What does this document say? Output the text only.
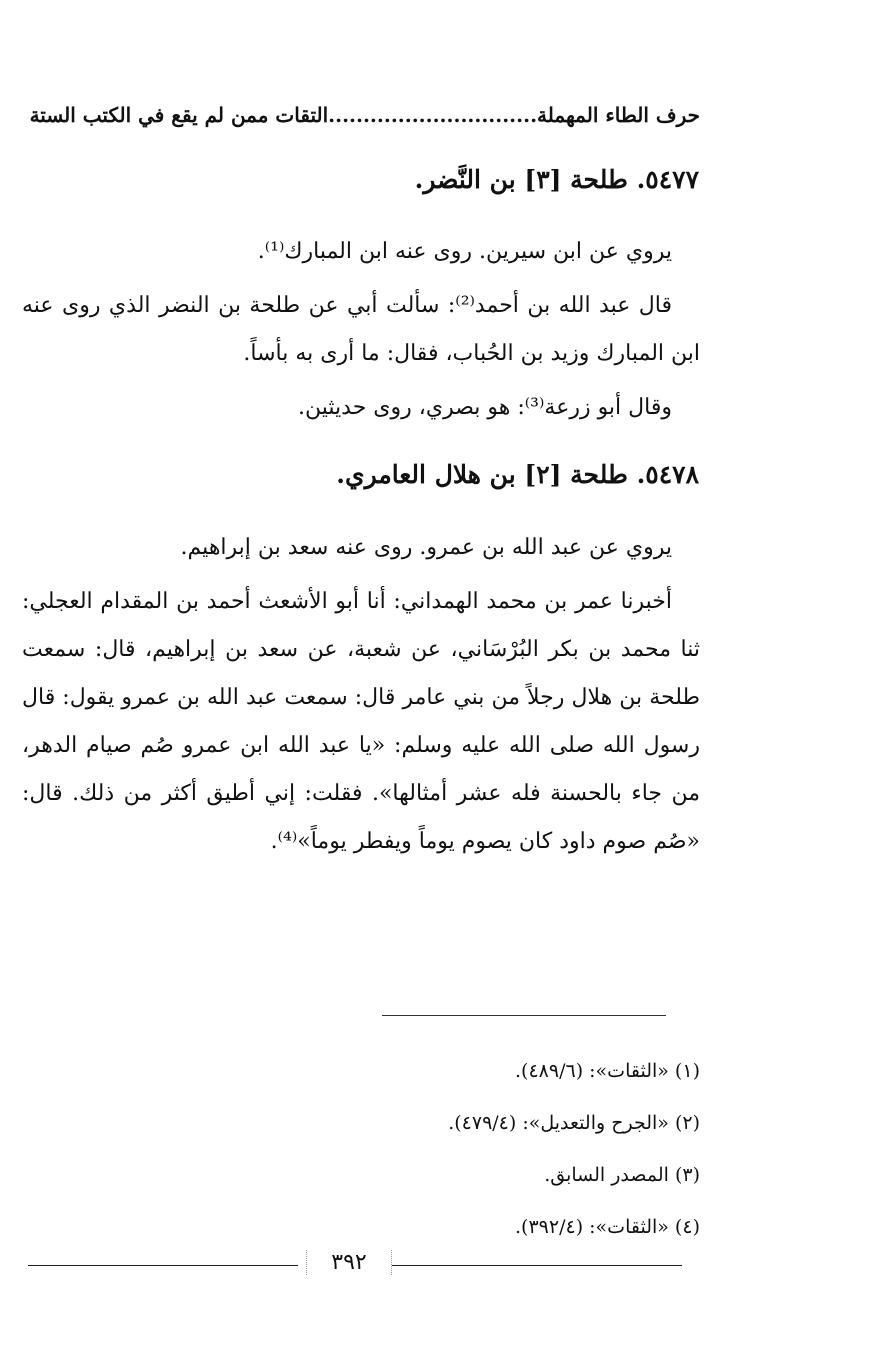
حرف الطاء المهملة...
...........................التقات ممن لم يقع في الكتب الستة
٥٤٧٧. طلحة [٣] بن النَّضر.

يروي عن ابن سيرين. روى عنه ابن المبارك⁽¹⁾.

قال عبد الله بن أحمد⁽²⁾: سألت أبي عن طلحة بن النضر الذي روى عنه ابن المبارك وزيد بن الحُباب، فقال: ما أرى به بأساً.

وقال أبو زرعة⁽³⁾: هو بصري، روى حديثين.

٥٤٧٨. طلحة [٢] بن هلال العامري.

يروي عن عبد الله بن عمرو. روى عنه سعد بن إبراهيم.

أخبرنا عمر بن محمد الهمداني: أنا أبو الأشعث أحمد بن المقدام العجلي: ثنا محمد بن بكر البُرْسَاني، عن شعبة، عن سعد بن إبراهيم، قال: سمعت طلحة بن هلال رجلاً من بني عامر قال: سمعت عبد الله بن عمرو يقول: قال رسول الله صلى الله عليه وسلم: «يا عبد الله ابن عمرو صُم صيام الدهر، من جاء بالحسنة فله عشر أمثالها». فقلت: إني أطيق أكثر من ذلك. قال: «صُم صوم داود كان يصوم يوماً ويفطر يوماً»⁽⁴⁾.

(١) «الثقات»: (٤٨٩/٦).
(٢) «الجرح والتعديل»: (٤٧٩/٤).
(٣) المصدر السابق.
(٤) «الثقات»: (٣٩٢/٤).
٣٩٢
